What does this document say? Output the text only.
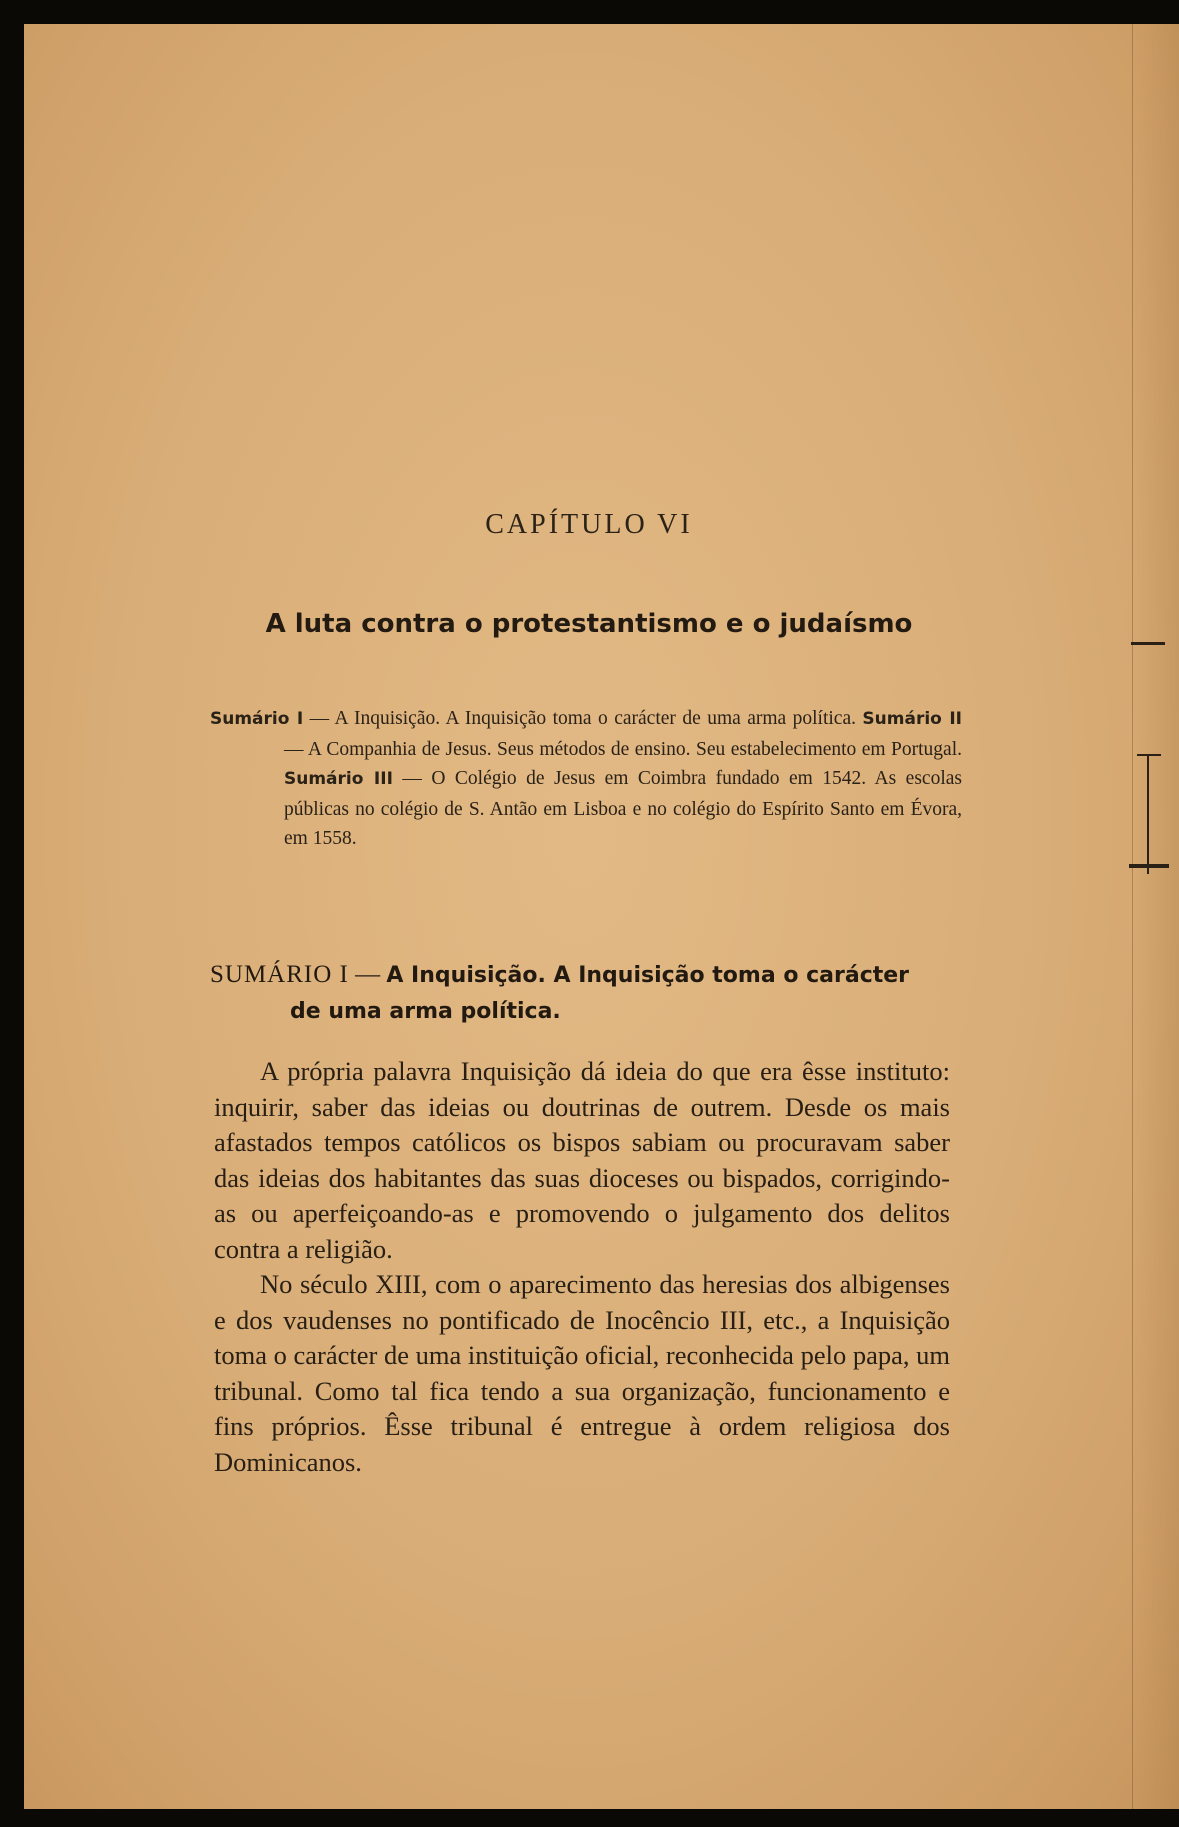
CAPÍTULO VI
A luta contra o protestantismo e o judaísmo
Sumário I — A Inquisição. A Inquisição toma o carácter de uma arma política. Sumário II — A Companhia de Jesus. Seus métodos de ensino. Seu estabelecimento em Portugal. Sumário III — O Colégio de Jesus em Coimbra fundado em 1542. As escolas públicas no colégio de S. Antão em Lisboa e no colégio do Espírito Santo em Évora, em 1558.
SUMÁRIO I — A Inquisição. A Inquisição toma o carácter
de uma arma política.

A própria palavra Inquisição dá ideia do que era êsse instituto: inquirir, saber das ideias ou doutrinas de outrem. Desde os mais afastados tempos católicos os bispos sabiam ou procuravam saber das ideias dos habitantes das suas dioceses ou bispados, corrigindo-as ou aperfeiçoando-as e promovendo o julgamento dos delitos contra a religião.

No século XIII, com o aparecimento das heresias dos albigenses e dos vaudenses no pontificado de Inocêncio III, etc., a Inquisição toma o carácter de uma instituição oficial, reconhecida pelo papa, um tribunal. Como tal fica tendo a sua organização, funcionamento e fins próprios. Êsse tribunal é entregue à ordem religiosa dos Dominicanos.
